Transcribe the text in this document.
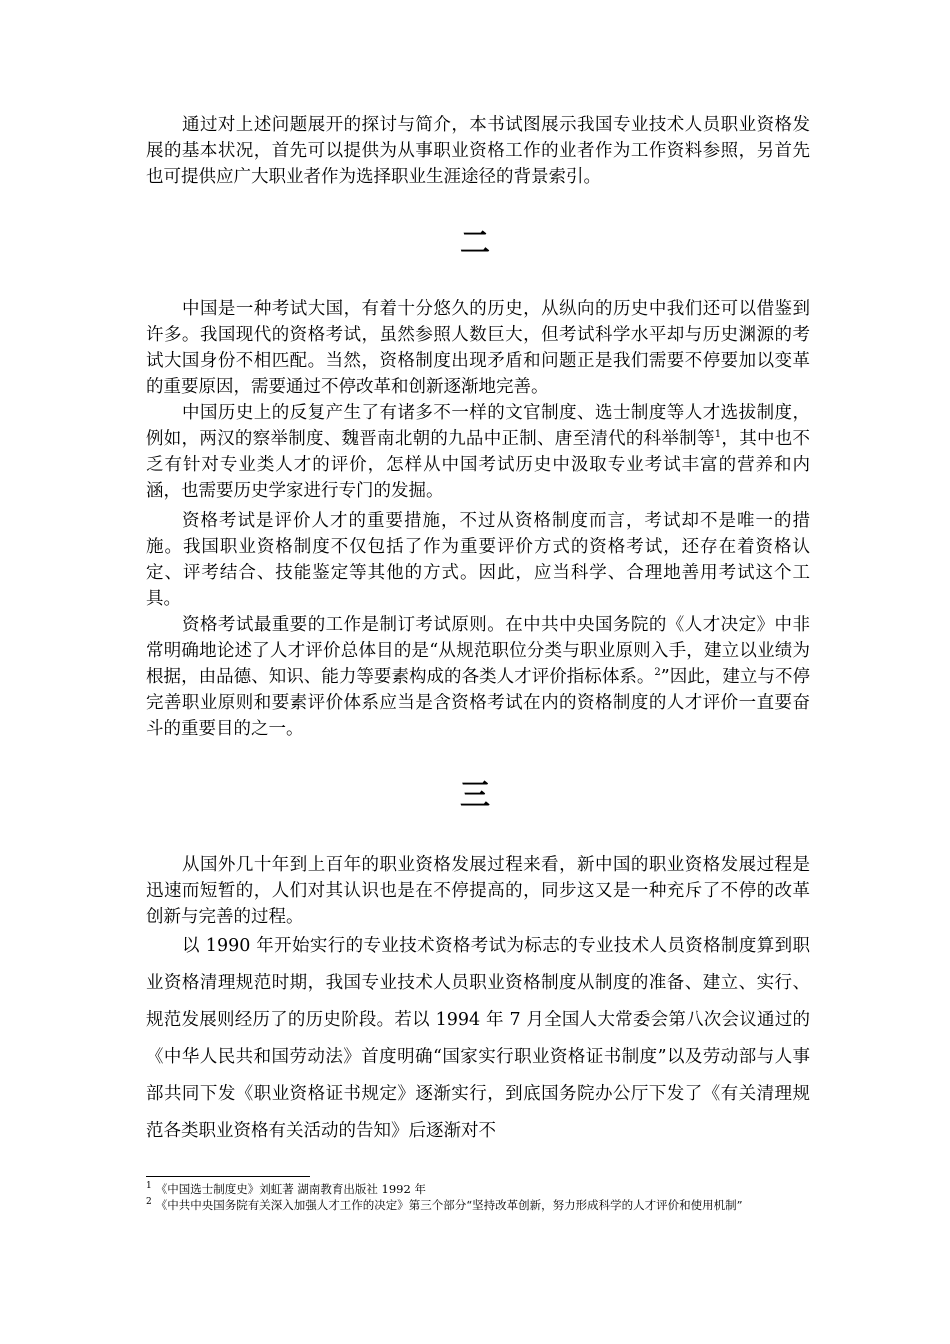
通过对上述问题展开的探讨与简介，本书试图展示我国专业技术人员职业资格发展的基本状况，首先可以提供为从事职业资格工作的业者作为工作资料参照，另首先也可提供应广大职业者作为选择职业生涯途径的背景索引。

二

中国是一种考试大国，有着十分悠久的历史，从纵向的历史中我们还可以借鉴到许多。我国现代的资格考试，虽然参照人数巨大，但考试科学水平却与历史渊源的考试大国身份不相匹配。当然，资格制度出现矛盾和问题正是我们需要不停要加以变革的重要原因，需要通过不停改革和创新逐渐地完善。

中国历史上的反复产生了有诸多不一样的文官制度、选士制度等人才选拔制度，例如，两汉的察举制度、魏晋南北朝的九品中正制、唐至清代的科举制等$^1$，其中也不乏有针对专业类人才的评价，怎样从中国考试历史中汲取专业考试丰富的营养和内涵，也需要历史学家进行专门的发掘。

资格考试是评价人才的重要措施，不过从资格制度而言，考试却不是唯一的措施。我国职业资格制度不仅包括了作为重要评价方式的资格考试，还存在着资格认定、评考结合、技能鉴定等其他的方式。因此，应当科学、合理地善用考试这个工具。

资格考试最重要的工作是制订考试原则。在中共中央国务院的《人才决定》中非常明确地论述了人才评价总体目的是“从规范职位分类与职业原则入手，建立以业绩为根据，由品德、知识、能力等要素构成的各类人才评价指标体系。$^2$”因此，建立与不停完善职业原则和要素评价体系应当是含资格考试在内的资格制度的人才评价一直要奋斗的重要目的之一。

三

从国外几十年到上百年的职业资格发展过程来看，新中国的职业资格发展过程是迅速而短暂的，人们对其认识也是在不停提高的，同步这又是一种充斥了不停的改革创新与完善的过程。

以 1990 年开始实行的专业技术资格考试为标志的专业技术人员资格制度算到职业资格清理规范时期，我国专业技术人员职业资格制度从制度的准备、建立、实行、规范发展则经历了的历史阶段。若以 1994 年 7 月全国人大常委会第八次会议通过的《中华人民共和国劳动法》首度明确“国家实行职业资格证书制度”以及劳动部与人事部共同下发《职业资格证书规定》逐渐实行，到底国务院办公厅下发了《有关清理规范各类职业资格有关活动的告知》后逐渐对不

$^1$ 《中国选士制度史》刘虹著 湖南教育出版社 1992 年

$^2$ 《中共中央国务院有关深入加强人才工作的决定》第三个部分“坚持改革创新，努力形成科学的人才评价和使用机制”
